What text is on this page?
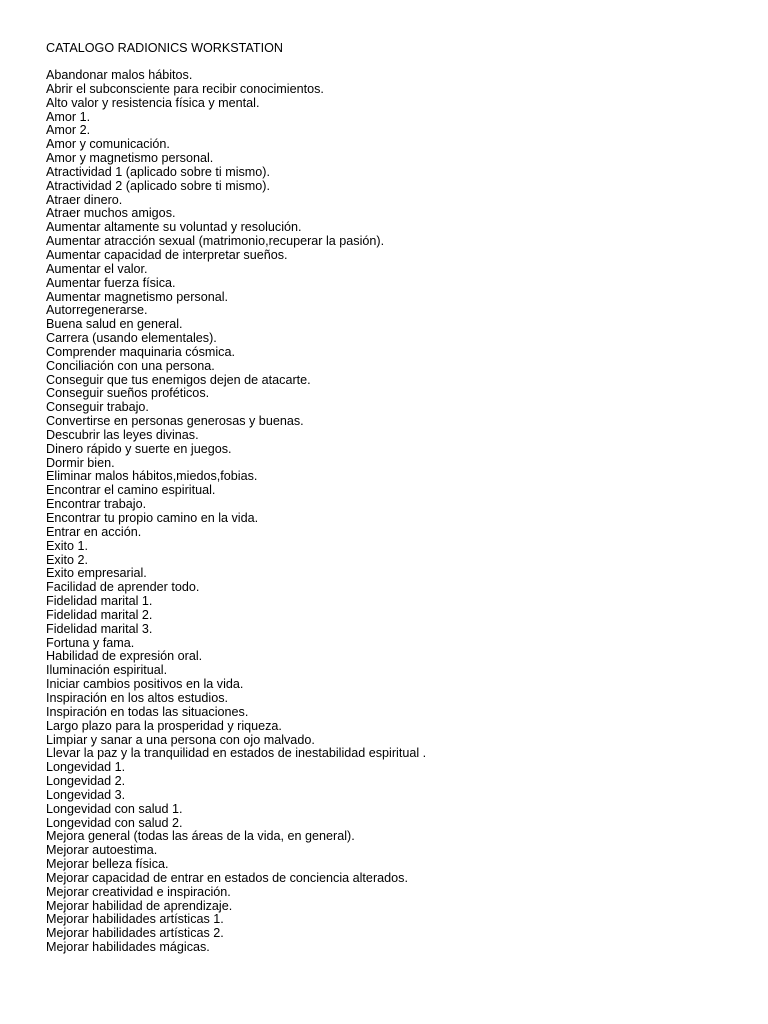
CATALOGO RADIONICS WORKSTATION
Abandonar malos hábitos.
Abrir el subconsciente para recibir conocimientos.
Alto valor y resistencia física y mental.
Amor 1.
Amor 2.
Amor y comunicación.
Amor y magnetismo personal.
Atractividad 1 (aplicado sobre ti mismo).
Atractividad 2 (aplicado sobre ti mismo).
Atraer dinero.
Atraer muchos amigos.
Aumentar altamente su voluntad y resolución.
Aumentar atracción sexual (matrimonio,recuperar la pasión).
Aumentar capacidad de interpretar sueños.
Aumentar el valor.
Aumentar fuerza física.
Aumentar magnetismo personal.
Autorregenerarse.
Buena salud en general.
Carrera (usando elementales).
Comprender maquinaria cósmica.
Conciliación con una persona.
Conseguir que tus enemigos dejen de atacarte.
Conseguir sueños proféticos.
Conseguir trabajo.
Convertirse en personas generosas y buenas.
Descubrir las leyes divinas.
Dinero rápido y suerte en juegos.
Dormir bien.
Eliminar malos hábitos,miedos,fobias.
Encontrar el camino espiritual.
Encontrar trabajo.
Encontrar tu propio camino en la vida.
Entrar en acción.
Exito 1.
Exito 2.
Exito empresarial.
Facilidad de aprender todo.
Fidelidad marital 1.
Fidelidad marital 2.
Fidelidad marital 3.
Fortuna y fama.
Habilidad de expresión oral.
Iluminación espiritual.
Iniciar cambios positivos en la vida.
Inspiración en los altos estudios.
Inspiración en todas las situaciones.
Largo plazo para la prosperidad y riqueza.
Limpiar y sanar a una persona con ojo malvado.
Llevar la paz y la tranquilidad en estados de inestabilidad espiritual .
Longevidad 1.
Longevidad 2.
Longevidad 3.
Longevidad con salud 1.
Longevidad con salud 2.
Mejora general (todas las áreas de la vida, en general).
Mejorar autoestima.
Mejorar belleza física.
Mejorar capacidad de entrar en estados de conciencia alterados.
Mejorar creatividad e inspiración.
Mejorar habilidad de aprendizaje.
Mejorar habilidades artísticas 1.
Mejorar habilidades artísticas 2.
Mejorar habilidades mágicas.
